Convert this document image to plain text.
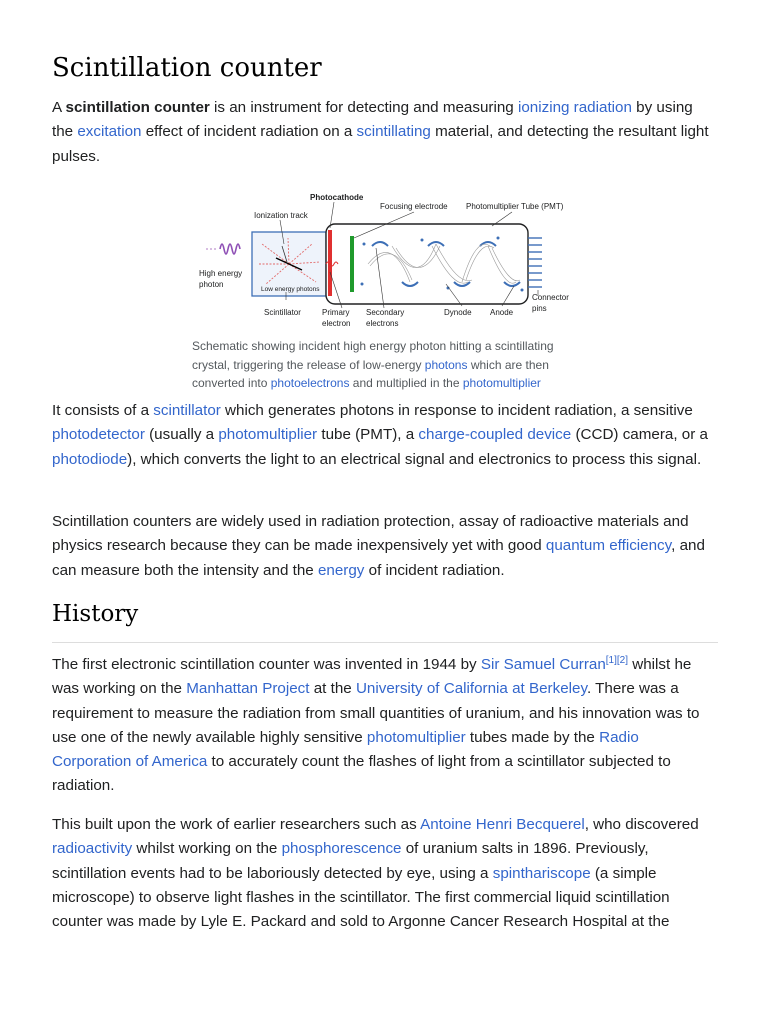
Scintillation counter

A scintillation counter is an instrument for detecting and measuring ionizing radiation by using the excitation effect of incident radiation on a scintillating material, and detecting the resultant light pulses.

Photocathode
Focusing electrode Photomultiplier Tube (PMT)
Ionization track
High energy
photon
Low energy photons
Scintillator	Primary
electron
Secondary
electrons
Dynode Anode
Connector
pins
Schematic showing incident high energy photon hitting a scintillating crystal, triggering the release of low-energy photons which are then converted into photoelectrons and multiplied in the photomultiplier

It consists of a scintillator which generates photons in response to incident radiation, a sensitive photodetector (usually a photomultiplier tube (PMT), a charge-coupled device (CCD) camera, or a photodiode), which converts the light to an electrical signal and electronics to process this signal.

Scintillation counters are widely used in radiation protection, assay of radioactive materials and physics research because they can be made inexpensively yet with good quantum efficiency, and can measure both the intensity and the energy of incident radiation.

History

The first electronic scintillation counter was invented in 1944 by Sir Samuel Curran[1][2] whilst he was working on the Manhattan Project at the University of California at Berkeley. There was a requirement to measure the radiation from small quantities of uranium, and his innovation was to use one of the newly available highly sensitive photomultiplier tubes made by the Radio Corporation of America to accurately count the flashes of light from a scintillator subjected to radiation.

This built upon the work of earlier researchers such as Antoine Henri Becquerel, who discovered radioactivity whilst working on the phosphorescence of uranium salts in 1896. Previously, scintillation events had to be laboriously detected by eye, using a spinthariscope (a simple microscope) to observe light flashes in the scintillator. The first commercial liquid scintillation counter was made by Lyle E. Packard and sold to Argonne Cancer Research Hospital at the
